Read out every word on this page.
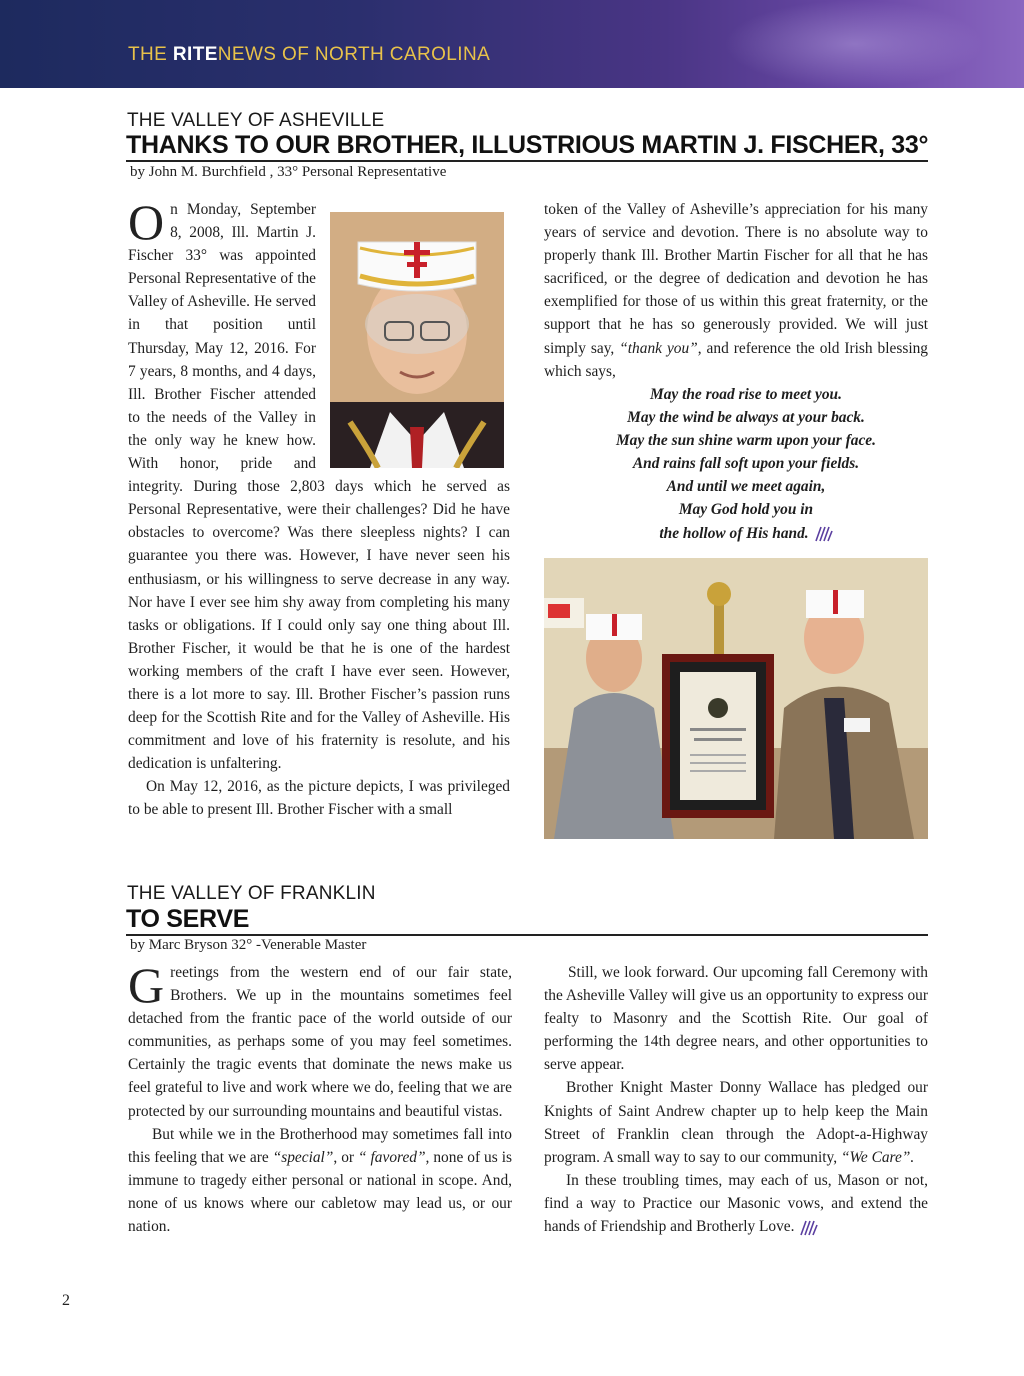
THE RITENEWS OF NORTH CAROLINA
THE VALLEY OF ASHEVILLE
THANKS TO OUR BROTHER, ILLUSTRIOUS MARTIN J. FISCHER, 33°
by John M. Burchfield , 33° Personal Representative

On Monday, September 8, 2008, Ill. Martin J. Fischer 33° was appointed Personal Representative of the Valley of Asheville. He served in that position until Thursday, May 12, 2016. For 7 years, 8 months, and 4 days, Ill. Brother Fischer attended to the needs of the Valley in the only way he knew how. With honor, pride and integrity. During those 2,803 days which he served as Personal Representative, were their challenges? Did he have obstacles to overcome? Was there sleepless nights? I can guarantee you there was. However, I have never seen his enthusiasm, or his willingness to serve decrease in any way. Nor have I ever see him shy away from completing his many tasks or obligations. If I could only say one thing about Ill. Brother Fischer, it would be that he is one of the hardest working members of the craft I have ever seen. However, there is a lot more to say. Ill. Brother Fischer’s passion runs deep for the Scottish Rite and for the Valley of Asheville. His commitment and love of his fraternity is resolute, and his dedication is unfaltering.

On May 12, 2016, as the picture depicts, I was privileged to be able to present Ill. Brother Fischer with a small

token of the Valley of Asheville’s appreciation for his many years of service and devotion. There is no absolute way to properly thank Ill. Brother Martin Fischer for all that he has sacrificed, or the degree of dedication and devotion he has exemplified for those of us within this great fraternity, or the support that he has so generously provided. We will just simply say, “thank you”, and reference the old Irish blessing which says,

May the road rise to meet you.
May the wind be always at your back.
May the sun shine warm upon your face.
And rains fall soft upon your fields.
And until we meet again,
May God hold you in
the hollow of His hand.
THE VALLEY OF FRANKLIN
TO SERVE
by Marc Bryson 32° -Venerable Master

Greetings from the western end of our fair state, Brothers. We up in the mountains sometimes feel detached from the frantic pace of the world outside of our communities, as perhaps some of you may feel sometimes. Certainly the tragic events that dominate the news make us feel grateful to live and work where we do, feeling that we are protected by our surrounding mountains and beautiful vistas.

But while we in the Brotherhood may sometimes fall into this feeling that we are “special”, or “ favored”, none of us is immune to tragedy either personal or national in scope. And, none of us knows where our cabletow may lead us, or our nation.

Still, we look forward. Our upcoming fall Ceremony with the Asheville Valley will give us an opportunity to express our fealty to Masonry and the Scottish Rite. Our goal of performing the 14th degree nears, and other opportunities to serve appear.

Brother Knight Master Donny Wallace has pledged our Knights of Saint Andrew chapter up to help keep the Main Street of Franklin clean through the Adopt-a-Highway program. A small way to say to our community, “We Care”.

In these troubling times, may each of us, Mason or not, find a way to Practice our Masonic vows, and extend the hands of Friendship and Brotherly Love.

2
